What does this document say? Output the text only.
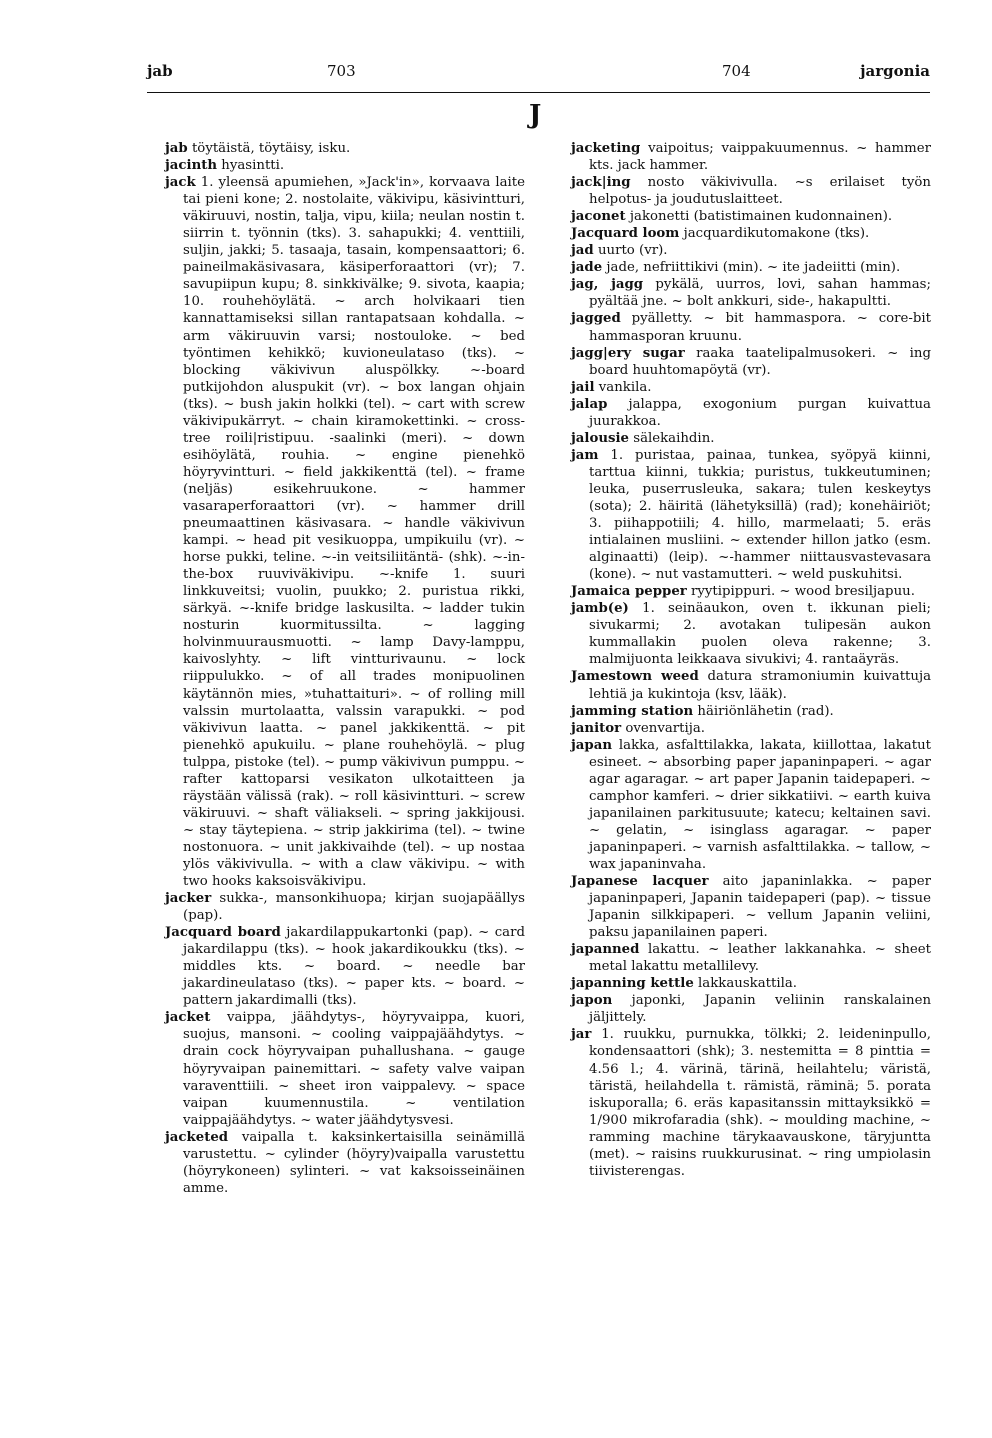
jab	703	704	jargonia
J

jab töytäistä, töytäisy, isku.

jacinth hyasintti.

jack 1. yleensä apumiehen, »Jack'in», korvaava laite tai pieni kone; 2. nostolaite, väkivipu, käsivintturi, väkiruuvi, nostin, talja, vipu, kiila; neulan nostin t. siirrin t. työnnin (tks). 3. sahapukki; 4. venttiili, suljin, jakki; 5. tasaaja, tasain, kompensaattori; 6. paineilmakäsivasara, käsiperforaattori (vr); 7. savupiipun kupu; 8. sinkkivälke; 9. sivota, kaapia; 10. rouhehöylätä. ~ arch holvikaari tien kannattamiseksi sillan rantapatsaan kohdalla. ~ arm väkiruuvin varsi; nostouloke. ~ bed työntimen kehikkö; kuvioneulataso (tks). ~ blocking väkivivun aluspölkky. ~-board putkijohdon aluspukit (vr). ~ box langan ohjain (tks). ~ bush jakin holkki (tel). ~ cart with screw väkivipukärryt. ~ chain kiramokettinki. ~ cross-tree roili|ristipuu. -saalinki (meri). ~ down esihöylätä, rouhia. ~ engine pienehkö höyryvintturi. ~ field jakkikenttä (tel). ~ frame (neljäs) esikehruukone. ~ hammer vasaraperforaattori (vr). ~ hammer drill pneumaattinen käsivasara. ~ handle väkivivun kampi. ~ head pit vesikuoppa, umpikuilu (vr). ~ horse pukki, teline. ~-in veitsiliitäntä- (shk). ~-in-the-box ruuviväkivipu. ~-knife 1. suuri linkkuveitsi; vuolin, puukko; 2. puristua rikki, särkyä. ~-knife bridge laskusilta. ~ ladder tukin nosturin kuormitussilta. ~ lagging holvinmuurausmuotti. ~ lamp Davy-lamppu, kaivoslyhty. ~ lift vintturivaunu. ~ lock riippulukko. ~ of all trades monipuolinen käytännön mies, »tuhattaituri». ~ of rolling mill valssin murtolaatta, valssin varapukki. ~ pod väkivivun laatta. ~ panel jakkikenttä. ~ pit pienehkö apukuilu. ~ plane rouhehöylä. ~ plug tulppa, pistoke (tel). ~ pump väkivivun pumppu. ~ rafter kattoparsi vesikaton ulkotaitteen ja räystään välissä (rak). ~ roll käsivintturi. ~ screw väkiruuvi. ~ shaft väliakseli. ~ spring jakkijousi. ~ stay täytepiena. ~ strip jakkirima (tel). ~ twine nostonuora. ~ unit jakkivaihde (tel). ~ up nostaa ylös väkivivulla. ~ with a claw väkivipu. ~ with two hooks kaksoisväkivipu.

jacker sukka-, mansonkihuopa; kirjan suojapäällys (pap).

Jacquard board jakardilappukartonki (pap). ~ card jakardilappu (tks). ~ hook jakardikoukku (tks). ~ middles kts. ~ board. ~ needle bar jakardineulataso (tks). ~ paper kts. ~ board. ~ pattern jakardimalli (tks).

jacket vaippa, jäähdytys-, höyryvaippa, kuori, suojus, mansoni. ~ cooling vaippajäähdytys. ~ drain cock höyryvaipan puhallushana. ~ gauge höyryvaipan painemittari. ~ safety valve vaipan varaventtiili. ~ sheet iron vaippalevy. ~ space vaipan kuumennustila. ~ ventilation vaippajäähdytys. ~ water jäähdytysvesi.

jacketed vaipalla t. kaksinkertaisilla seinämillä varustettu. ~ cylinder (höyry)vaipalla varustettu (höyrykoneen) sylinteri. ~ vat kaksoisseinäinen amme.

jacketing vaipoitus; vaippakuumennus. ~ hammer kts. jack hammer.

jack|ing nosto väkivivulla. ~s erilaiset työn helpotus- ja joudutuslaitteet.

jaconet jakonetti (batistimainen kudonnainen).

Jacquard loom jacquardikutomakone (tks).

jad uurto (vr).

jade jade, nefriittikivi (min). ~ ite jadeiitti (min).

jag, jagg pykälä, uurros, lovi, sahan hammas; pyältää jne. ~ bolt ankkuri, side-, hakapultti.

jagged pyälletty. ~ bit hammaspora. ~ core-bit hammasporan kruunu.

jagg|ery sugar raaka taatelipalmusokeri. ~ ing board huuhtomapöytä (vr).

jail vankila.

jalap jalappa, exogonium purgan kuivattua juurakkoa.

jalousie sälekaihdin.

jam 1. puristaa, painaa, tunkea, syöpyä kiinni, tarttua kiinni, tukkia; puristus, tukkeutuminen; leuka, puserrusleuka, sakara; tulen keskeytys (sota); 2. häiritä (lähetyksillä) (rad); konehäiriöt; 3. piihappotiili; 4. hillo, marmelaati; 5. eräs intialainen musliini. ~ extender hillon jatko (esm. alginaatti) (leip). ~-hammer niittausvastevasara (kone). ~ nut vastamutteri. ~ weld puskuhitsi.

Jamaica pepper ryytipippuri. ~ wood bresiljapuu.

jamb(e) 1. seinäaukon, oven t. ikkunan pieli; sivukarmi; 2. avotakan tulipesän aukon kummallakin puolen oleva rakenne; 3. malmijuonta leikkaava sivukivi; 4. rantaäyräs.

Jamestown weed datura stramoniumin kuivattuja lehtiä ja kukintoja (ksv, lääk).

jamming station häiriönlähetin (rad).

janitor ovenvartija.

japan lakka, asfalttilakka, lakata, kiillottaa, lakatut esineet. ~ absorbing paper japaninpaperi. ~ agar agar agaragar. ~ art paper Japanin taidepaperi. ~ camphor kamferi. ~ drier sikkatiivi. ~ earth kuiva japanilainen parkitusuute; katecu; keltainen savi. ~ gelatin, ~ isinglass agaragar. ~ paper japaninpaperi. ~ varnish asfalttilakka. ~ tallow, ~ wax japaninvaha.

Japanese lacquer aito japaninlakka. ~ paper japaninpaperi, Japanin taidepaperi (pap). ~ tissue Japanin silkkipaperi. ~ vellum Japanin veliini, paksu japanilainen paperi.

japanned lakattu. ~ leather lakkanahka. ~ sheet metal lakattu metallilevy.

japanning kettle lakkauskattila.

japon japonki, Japanin veliinin ranskalainen jäljittely.

jar 1. ruukku, purnukka, tölkki; 2. leideninpullo, kondensaattori (shk); 3. nestemitta = 8 pinttia = 4.56 l.; 4. värinä, tärinä, heilahtelu; väristä, täristä, heilahdella t. rämistä, räminä; 5. porata iskuporalla; 6. eräs kapasitanssin mittayksikkö = 1/900 mikrofaradia (shk). ~ moulding machine, ~ ramming machine tärykaavauskone, täryjuntta (met). ~ raisins ruukkurusinat. ~ ring umpiolasin tiivisterengas.
